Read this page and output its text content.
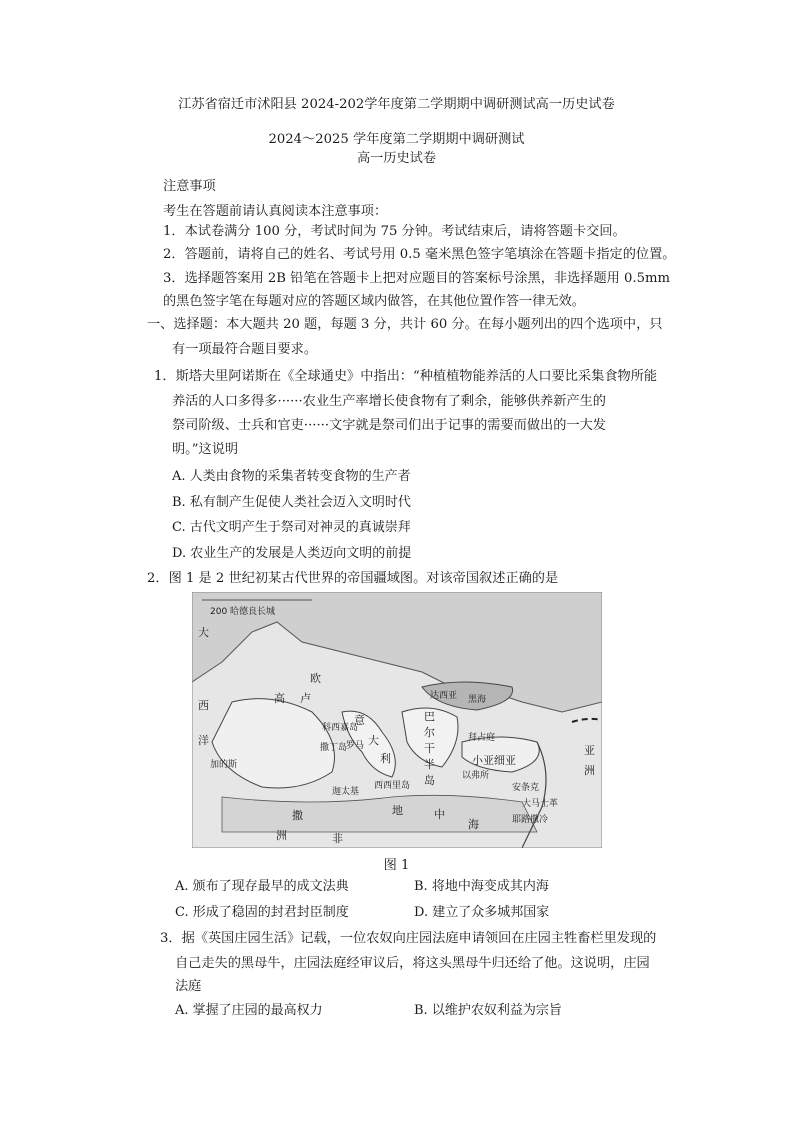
江苏省宿迁市沭阳县 2024-202学年度第二学期期中调研测试高一历史试卷
2024～2025 学年度第二学期期中调研测试
高一历史试卷
注意事项
考生在答题前请认真阅读本注意事项：
1．本试卷满分 100 分，考试时间为 75 分钟。考试结束后，请将答题卡交回。
2．答题前，请将自己的姓名、考试号用 0.5 毫米黑色签字笔填涂在答题卡指定的位置。
3．选择题答案用 2B 铅笔在答题卡上把对应题目的答案标号涂黑，非选择题用 0.5mm
的黑色签字笔在每题对应的答题区域内做答，在其他位置作答一律无效。
一、选择题：本大题共 20 题，每题 3 分，共计 60 分。在每小题列出的四个选项中，只
有一项最符合题目要求。
1．斯塔夫里阿诺斯在《全球通史》中指出：“种植植物能养活的人口要比采集食物所能
养活的人口多得多······农业生产率增长使食物有了剩余，能够供养新产生的
祭司阶级、士兵和官吏······文字就是祭司们出于记事的需要而做出的一大发
明。”这说明
A. 人类由食物的采集者转变食物的生产者
B. 私有制产生促使人类社会迈入文明时代
C. 古代文明产生于祭司对神灵的真诚崇拜
D. 农业生产的发展是人类迈向文明的前提
2．图 1 是 2 世纪初某古代世界的帝国疆域图。对该帝国叙述正确的是
200 哈德良长城
大
西
洋
加的斯
欧
高 卢
意
大
利
罗马
科西嘉岛
撒丁岛
西西里岛
迦太基
撒
巴
尔
干
半
岛
达西亚 黑海
小亚细亚
以弗所
拜占庭
安条克
大马士革
耶路撒冷
地	中
海
洲	非
亚
洲
图 1
A. 颁布了现存最早的成文法典	B. 将地中海变成其内海
C. 形成了稳固的封君封臣制度	D. 建立了众多城邦国家
3．据《英国庄园生活》记载，一位农奴向庄园法庭申请领回在庄园主牲畜栏里发现的
自己走失的黑母牛，庄园法庭经审议后，将这头黑母牛归还给了他。这说明，庄园
法庭
A. 掌握了庄园的最高权力	B. 以维护农奴利益为宗旨
